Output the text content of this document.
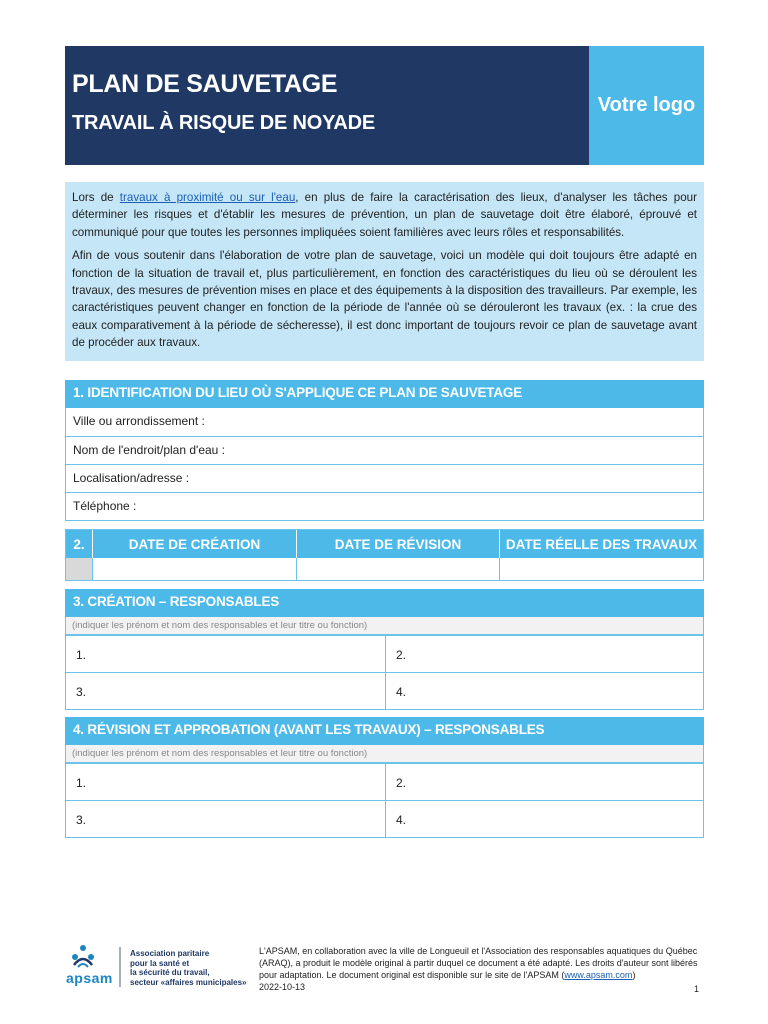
PLAN DE SAUVETAGE
TRAVAIL À RISQUE DE NOYADE
Votre logo

Lors de travaux à proximité ou sur l'eau, en plus de faire la caractérisation des lieux, d'analyser les tâches pour déterminer les risques et d'établir les mesures de prévention, un plan de sauvetage doit être élaboré, éprouvé et communiqué pour que toutes les personnes impliquées soient familières avec leurs rôles et responsabilités.

Afin de vous soutenir dans l'élaboration de votre plan de sauvetage, voici un modèle qui doit toujours être adapté en fonction de la situation de travail et, plus particulièrement, en fonction des caractéristiques du lieu où se déroulent les travaux, des mesures de prévention mises en place et des équipements à la disposition des travailleurs. Par exemple, les caractéristiques peuvent changer en fonction de la période de l'année où se dérouleront les travaux (ex. : la crue des eaux comparativement à la période de sécheresse), il est donc important de toujours revoir ce plan de sauvetage avant de procéder aux travaux.

1. IDENTIFICATION DU LIEU OÙ S'APPLIQUE CE PLAN DE SAUVETAGE
Ville ou arrondissement :
Nom de l'endroit/plan d'eau :
Localisation/adresse :
Téléphone :
2.	DATE DE CRÉATION	DATE DE RÉVISION	DATE RÉELLE DES TRAVAUX
3. CRÉATION – RESPONSABLES
(indiquer les prénom et nom des responsables et leur titre ou fonction)
1.	2.
3.	4.
4. RÉVISION ET APPROBATION (AVANT LES TRAVAUX) – RESPONSABLES
(indiquer les prénom et nom des responsables et leur titre ou fonction)
1.	2.
3.	4.
apsam
Association paritaire
pour la santé et
la sécurité du travail,
secteur «affaires municipales»
L'APSAM, en collaboration avec la ville de Longueuil et l'Association des responsables aquatiques du Québec (ARAQ), a produit le modèle original à partir duquel ce document a été adapté. Les droits d'auteur sont libérés pour adaptation. Le document original est disponible sur le site de l'APSAM (www.apsam.com)
2022-10-13	1
